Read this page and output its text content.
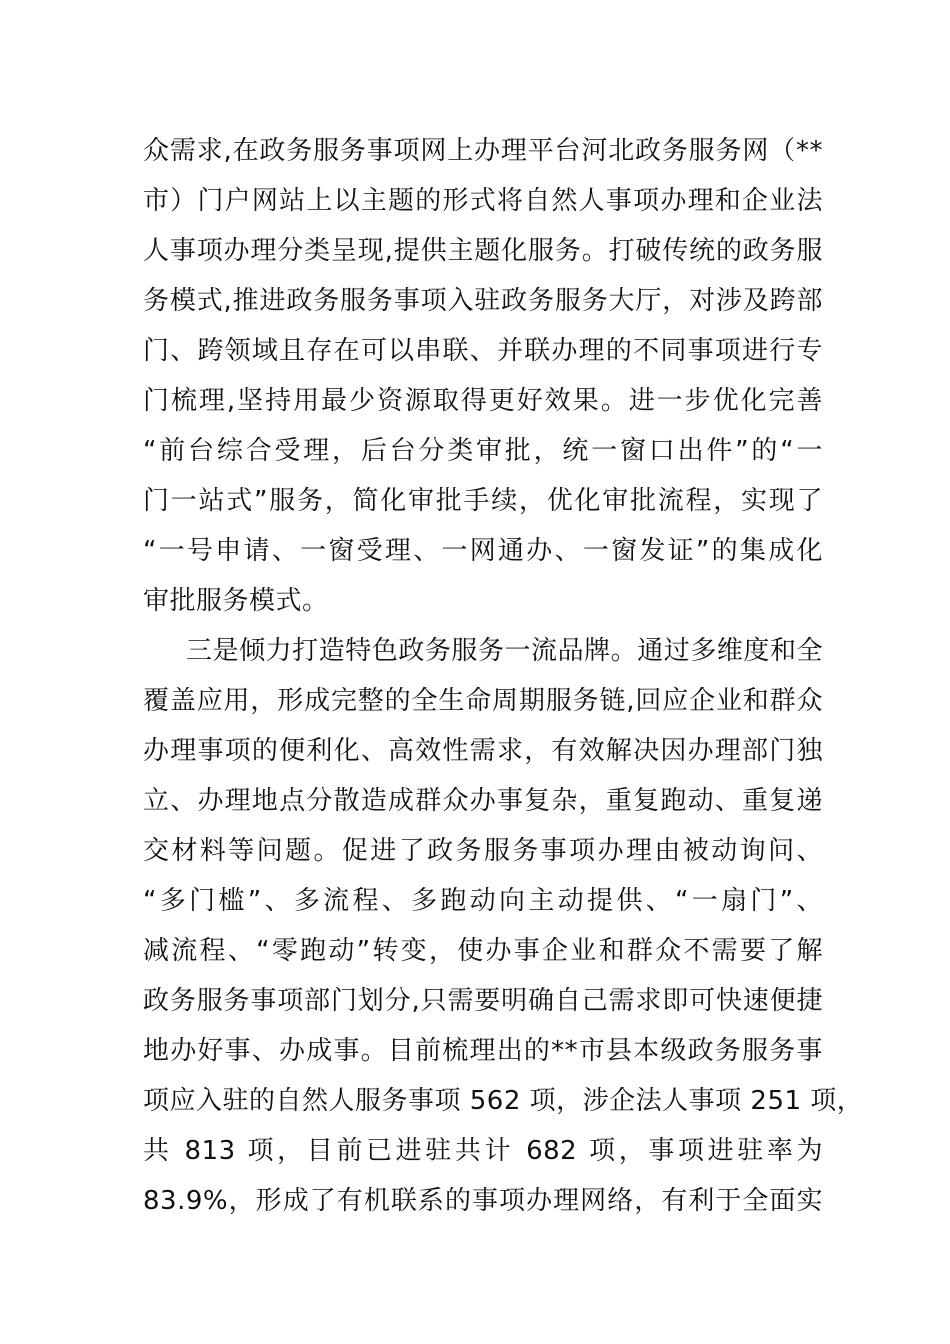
众需求,在政务服务事项网上办理平台河北政务服务网（**
市）门户网站上以主题的形式将自然人事项办理和企业法
人事项办理分类呈现,提供主题化服务。打破传统的政务服
务模式,推进政务服务事项入驻政务服务大厅，对涉及跨部
门、跨领域且存在可以串联、并联办理的不同事项进行专
门梳理,坚持用最少资源取得更好效果。进一步优化完善
“前台综合受理，后台分类审批，统一窗口出件”的“一
门一站式”服务，简化审批手续，优化审批流程，实现了
“一号申请、一窗受理、一网通办、一窗发证”的集成化
审批服务模式。
三是倾力打造特色政务服务一流品牌。通过多维度和全
覆盖应用，形成完整的全生命周期服务链,回应企业和群众
办理事项的便利化、高效性需求，有效解决因办理部门独
立、办理地点分散造成群众办事复杂，重复跑动、重复递
交材料等问题。促进了政务服务事项办理由被动询问、
“多门槛”、多流程、多跑动向主动提供、“一扇门”、
减流程、“零跑动”转变，使办事企业和群众不需要了解
政务服务事项部门划分,只需要明确自己需求即可快速便捷
地办好事、办成事。目前梳理出的**市县本级政务服务事
项应入驻的自然人服务事项 562 项，涉企法人事项 251 项，
共 813 项，目前已进驻共计 682 项，事项进驻率为
83.9%，形成了有机联系的事项办理网络，有利于全面实
